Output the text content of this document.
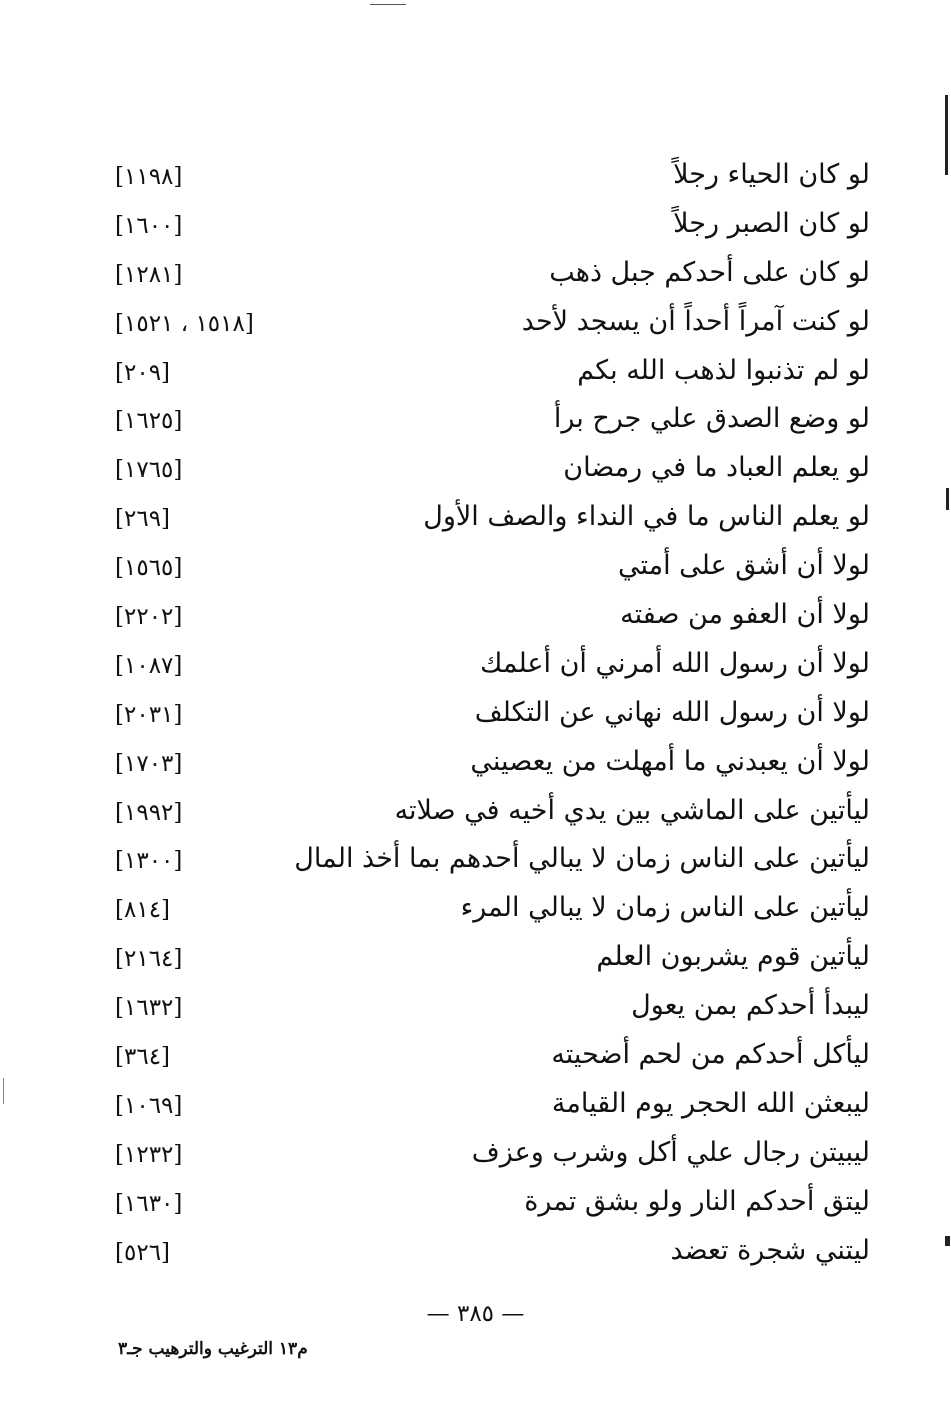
لو كان الحياء رجلاً
[١١٩٨]
لو كان الصبر رجلاً
[١٦٠٠]
لو كان على أحدكم جبل ذهب
[١٢٨١]
لو كنت آمراً أحداً أن يسجد لأحد
[١٥١٨ ، ١٥٢١]
لو لم تذنبوا لذهب الله بكم
[٢٠٩]
لو وضع الصدق علي جرح برأ
[١٦٢٥]
لو يعلم العباد ما في رمضان
[١٧٦٥]
لو يعلم الناس ما في النداء والصف الأول
[٢٦٩]
لولا أن أشق على أمتي
[١٥٦٥]
لولا أن العفو من صفته
[٢٢٠٢]
لولا أن رسول الله أمرني أن أعلمك
[١٠٨٧]
لولا أن رسول الله نهاني عن التكلف
[٢٠٣١]
لولا أن يعبدني ما أمهلت من يعصيني
[١٧٠٣]
ليأتين على الماشي بين يدي أخيه في صلاته
[١٩٩٢]
ليأتين على الناس زمان لا يبالي أحدهم بما أخذ المال
[١٣٠٠]
ليأتين على الناس زمان لا يبالي المرء
[٨١٤]
ليأتين قوم يشربون العلم
[٢١٦٤]
ليبدأ أحدكم بمن يعول
[١٦٣٢]
ليأكل أحدكم من لحم أضحيته
[٣٦٤]
ليبعثن الله الحجر يوم القيامة
[١٠٦٩]
ليبيتن رجال علي أكل وشرب وعزف
[١٢٣٢]
ليتق أحدكم النار ولو بشق تمرة
[١٦٣٠]
ليتني شجرة تعضد
[٥٢٦]
— ٣٨٥ —
م١٣ الترغيب والترهيب جـ٣
